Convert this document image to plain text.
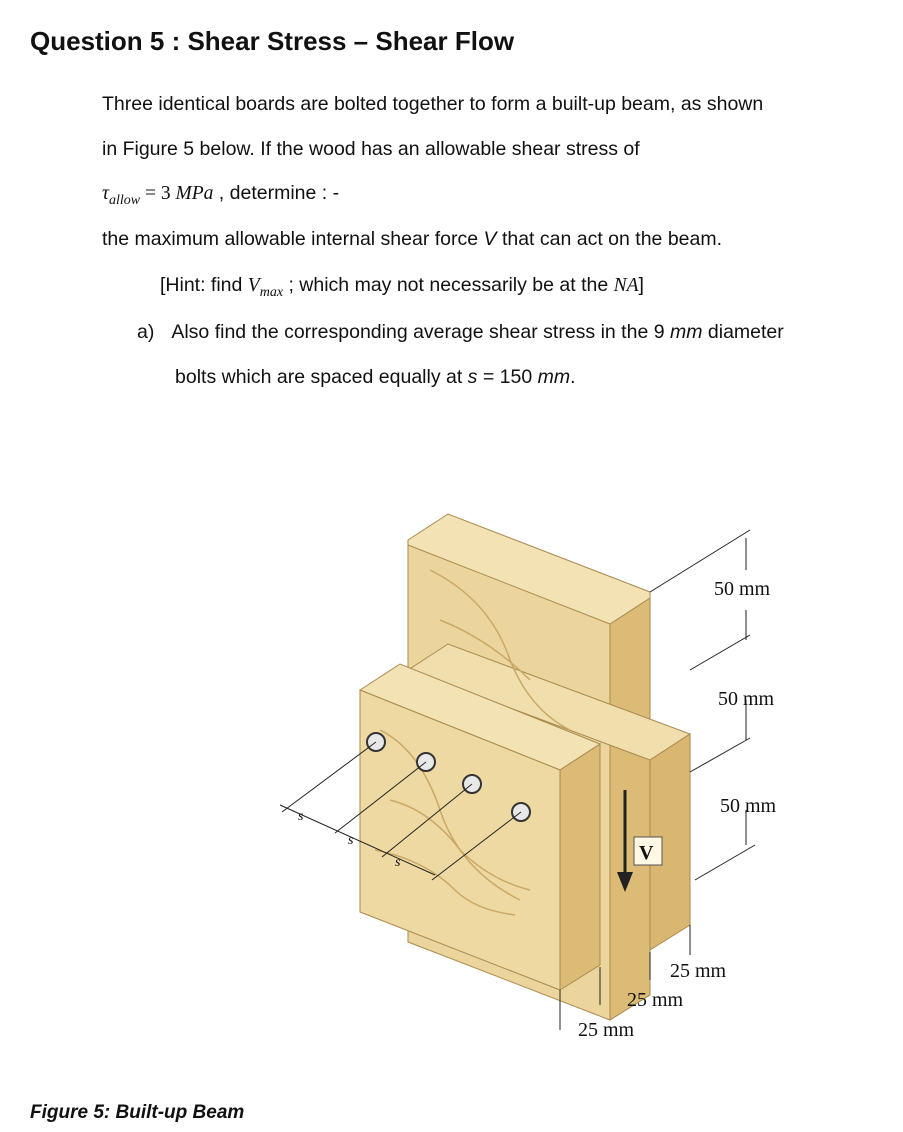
Question 5 : Shear Stress – Shear Flow
Three identical boards are bolted together to form a built-up beam, as shown
in Figure 5 below. If the wood has an allowable shear stress of
$\tau_{allow} = 3$ MPa , determine : -
the maximum allowable internal shear force V that can act on the beam.
[Hint: find $V_{max}$ ; which may not necessarily be at the NA]
a) Also find the corresponding average shear stress in the 9 mm diameter
bolts which are spaced equally at s = 150 mm.
s
s
s	V
50 mm
50 mm
50 mm
25 mm
25 mm
25 mm
Figure 5: Built-up Beam
